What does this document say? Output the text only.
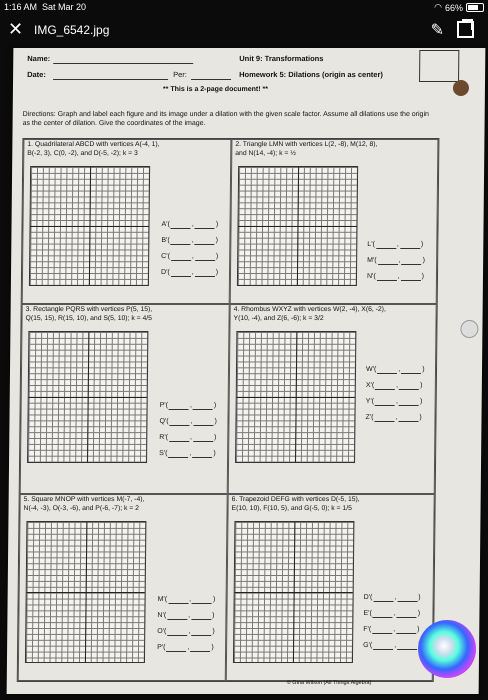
1:16 AM Sat Mar 20	◠ 66%
✕ IMG_6542.jpg	✎
Name:
Date:	Per:
Unit 9: Transformations
Homework 5: Dilations (origin as center)
** This is a 2-page document! **
Directions: Graph and label each figure and its image under a dilation with the given scale factor. Assume all dilations use the origin as the center of dilation. Give the coordinates of the image.
1. Quadrilateral ABCD with vertices A(-4, 1),
B(-2, 3), C(0, -2), and D(-5, -2); k = 3
A'(	,	)
B'(	,	)
C'(	,	)
D'(	,	)
2. Triangle LMN with vertices L(2, -8), M(12, 8),
and N(14, -4); k = ½
L'(	,	)
M'(	,	)
N'(	,	)
3. Rectangle PQRS with vertices P(5, 15),
Q(15, 15), R(15, 10), and S(5, 10); k = 4/5
P'(	,	)
Q'(	,	)
R'(	,	)
S'(	,	)
4. Rhombus WXYZ with vertices W(2, -4), X(6, -2),
Y(10, -4), and Z(6, -6); k = 3/2
W'(	,	)
X'(	,	)
Y'(	,	)
Z'(	,	)
5. Square MNOP with vertices M(-7, -4),
N(-4, -3), O(-3, -6), and P(-6, -7); k = 2
M'(	,	)
N'(	,	)
O'(	,	)
P'(	,	)
6. Trapezoid DEFG with vertices D(-5, 15),
E(10, 10), F(10, 5), and G(-5, 0); k = 1/5
D'(	,	)
E'(	,	)
F'(	,	)
G'(	,
© Gina Wilson (All Things Algebra)
